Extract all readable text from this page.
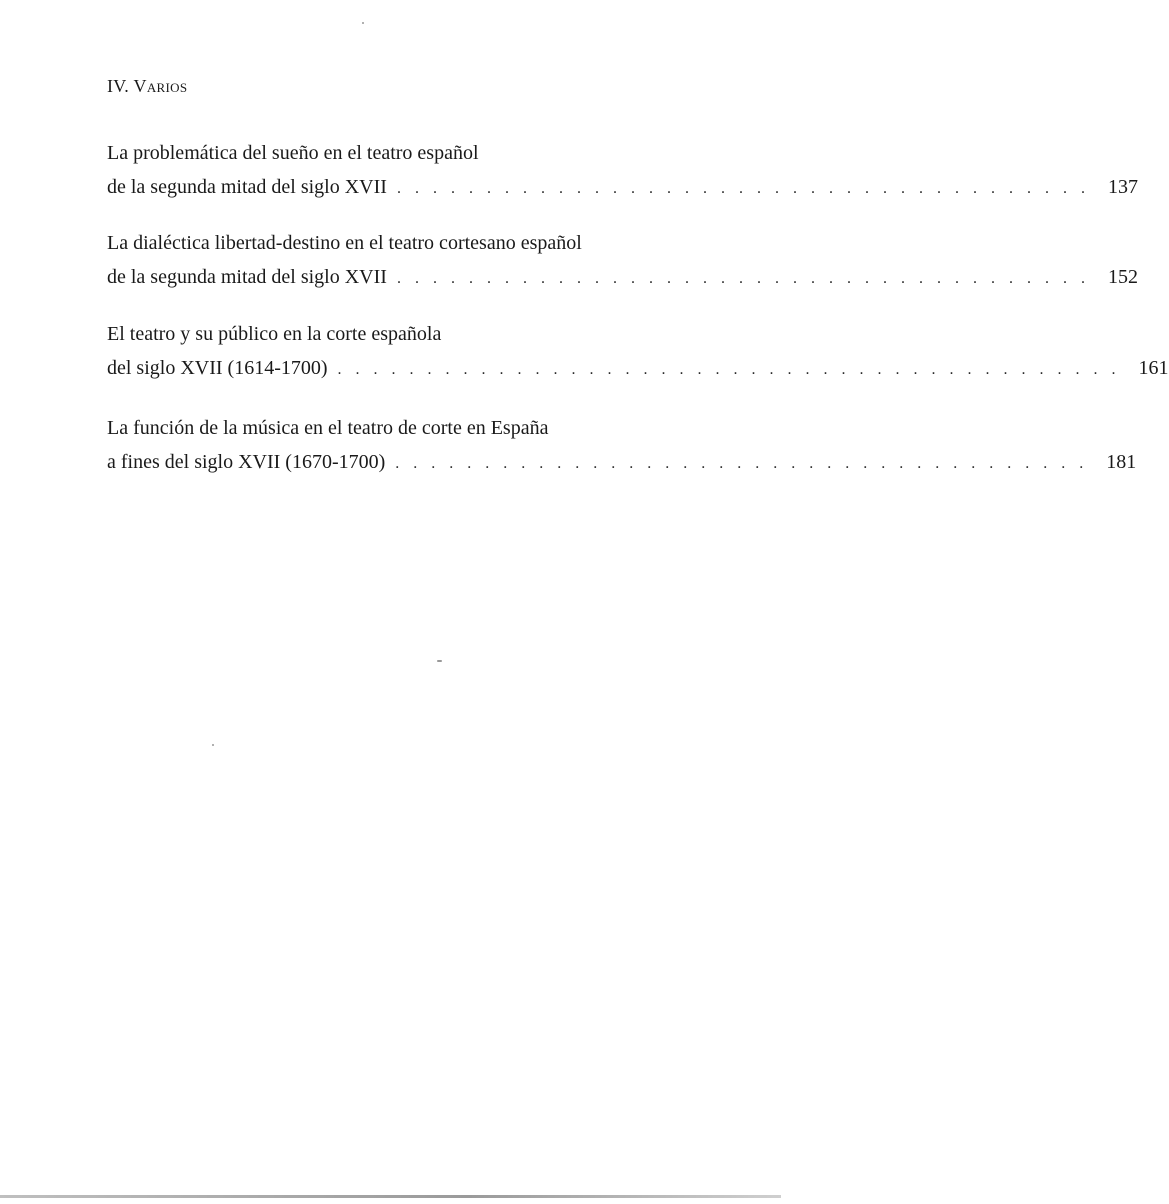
IV. Varios
La problemática del sueño en el teatro español
de la segunda mitad del siglo XVII . . . . . . . . . . . . . . . . . . . . . . . . . . . . . . . . . . . . . . . 137
La dialéctica libertad-destino en el teatro cortesano español
de la segunda mitad del siglo XVII . . . . . . . . . . . . . . . . . . . . . . . . . . . . . . . . . . . . . . . 152
El teatro y su público en la corte española
del siglo XVII (1614-1700) . . . . . . . . . . . . . . . . . . . . . . . . . . . . . . . . . . . . . . . . . . . . 161
La función de la música en el teatro de corte en España
a fines del siglo XVII (1670-1700) . . . . . . . . . . . . . . . . . . . . . . . . . . . . . . . . . . . . . . . 181
